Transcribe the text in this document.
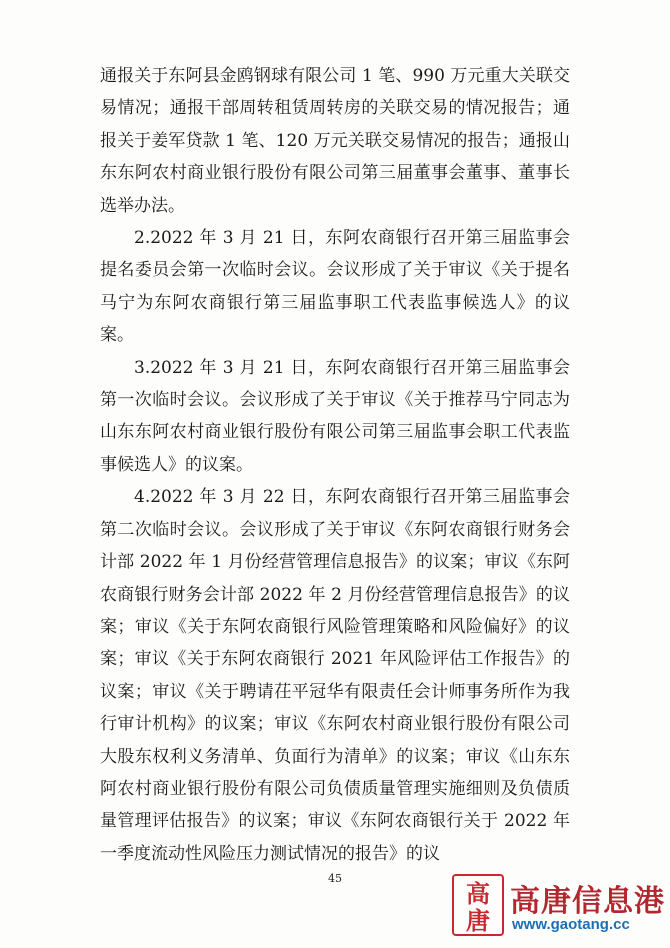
通报关于东阿县金鸥钢球有限公司 1 笔、990 万元重大关联交易情况；通报干部周转租赁周转房的关联交易的情况报告；通报关于姜军贷款 1 笔、120 万元关联交易情况的报告；通报山东东阿农村商业银行股份有限公司第三届董事会董事、董事长选举办法。

2.2022 年 3 月 21 日，东阿农商银行召开第三届监事会提名委员会第一次临时会议。会议形成了关于审议《关于提名马宁为东阿农商银行第三届监事职工代表监事候选人》的议案。

3.2022 年 3 月 21 日，东阿农商银行召开第三届监事会第一次临时会议。会议形成了关于审议《关于推荐马宁同志为山东东阿农村商业银行股份有限公司第三届监事会职工代表监事候选人》的议案。

4.2022 年 3 月 22 日，东阿农商银行召开第三届监事会第二次临时会议。会议形成了关于审议《东阿农商银行财务会计部 2022 年 1 月份经营管理信息报告》的议案；审议《东阿农商银行财务会计部 2022 年 2 月份经营管理信息报告》的议案；审议《关于东阿农商银行风险管理策略和风险偏好》的议案；审议《关于东阿农商银行 2021 年风险评估工作报告》的议案；审议《关于聘请茌平冠华有限责任会计师事务所作为我行审计机构》的议案；审议《东阿农村商业银行股份有限公司大股东权利义务清单、负面行为清单》的议案；审议《山东东阿农村商业银行股份有限公司负债质量管理实施细则及负债质量管理评估报告》的议案；审议《东阿农商银行关于 2022 年一季度流动性风险压力测试情况的报告》的议

45
高
唐
高唐信息港
www.gaotang.cc
